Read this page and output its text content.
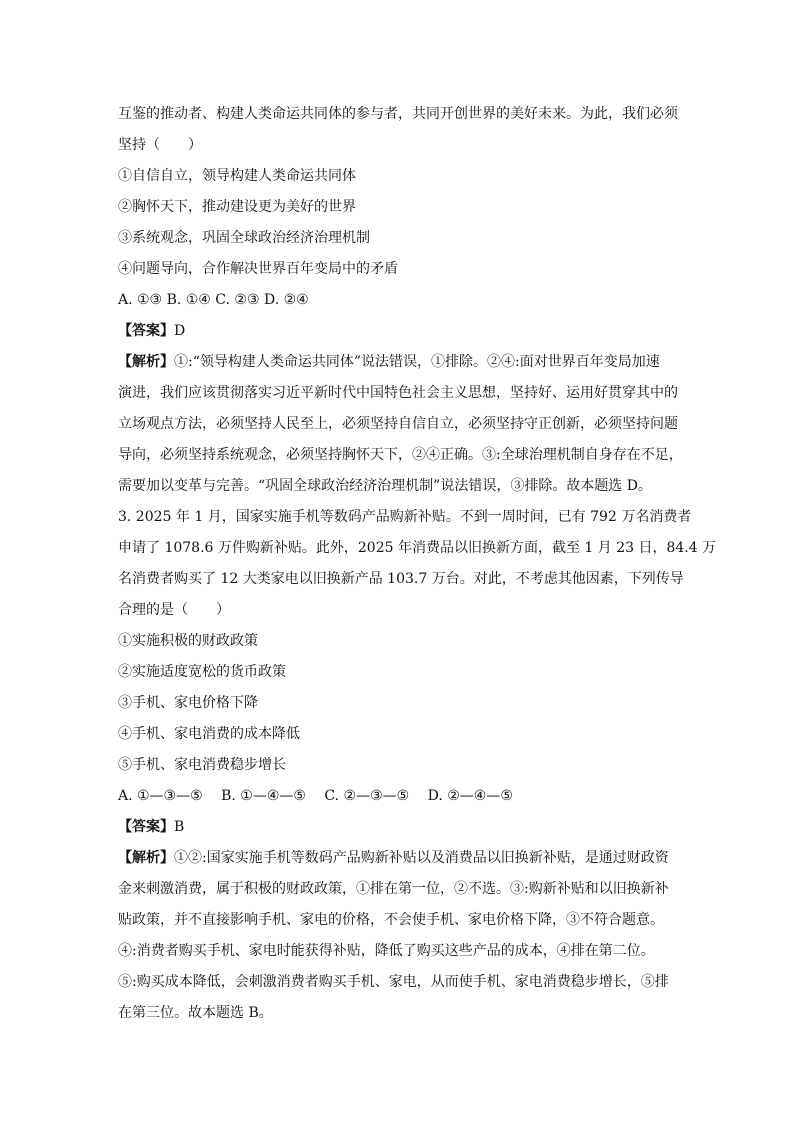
互鉴的推动者、构建人类命运共同体的参与者，共同开创世界的美好未来。为此，我们必须
坚持（　　）
①自信自立，领导构建人类命运共同体
②胸怀天下，推动建设更为美好的世界
③系统观念，巩固全球政治经济治理机制
④问题导向，合作解决世界百年变局中的矛盾
A. ①③ B. ①④ C. ②③ D. ②④
【答案】D
【解析】①:“领导构建人类命运共同体”说法错误，①排除。②④:面对世界百年变局加速
演进，我们应该贯彻落实习近平新时代中国特色社会主义思想，坚持好、运用好贯穿其中的
立场观点方法，必须坚持人民至上，必须坚持自信自立，必须坚持守正创新，必须坚持问题
导向，必须坚持系统观念，必须坚持胸怀天下，②④正确。③:全球治理机制自身存在不足，
需要加以变革与完善。“巩固全球政治经济治理机制”说法错误，③排除。故本题选 D。
3. 2025 年 1 月，国家实施手机等数码产品购新补贴。不到一周时间，已有 792 万名消费者
申请了 1078.6 万件购新补贴。此外，2025 年消费品以旧换新方面，截至 1 月 23 日，84.4 万
名消费者购买了 12 大类家电以旧换新产品 103.7 万台。对此，不考虑其他因素，下列传导
合理的是（　　）
①实施积极的财政政策
②实施适度宽松的货币政策
③手机、家电价格下降
④手机、家电消费的成本降低
⑤手机、家电消费稳步增长
A. ①—③—⑤　 B. ①—④—⑤　 C. ②—③—⑤　 D. ②—④—⑤
【答案】B
【解析】①②:国家实施手机等数码产品购新补贴以及消费品以旧换新补贴，是通过财政资
金来刺激消费，属于积极的财政政策，①排在第一位，②不选。③:购新补贴和以旧换新补
贴政策，并不直接影响手机、家电的价格，不会使手机、家电价格下降，③不符合题意。
④:消费者购买手机、家电时能获得补贴，降低了购买这些产品的成本，④排在第二位。
⑤:购买成本降低，会刺激消费者购买手机、家电，从而使手机、家电消费稳步增长，⑤排
在第三位。故本题选 B。
